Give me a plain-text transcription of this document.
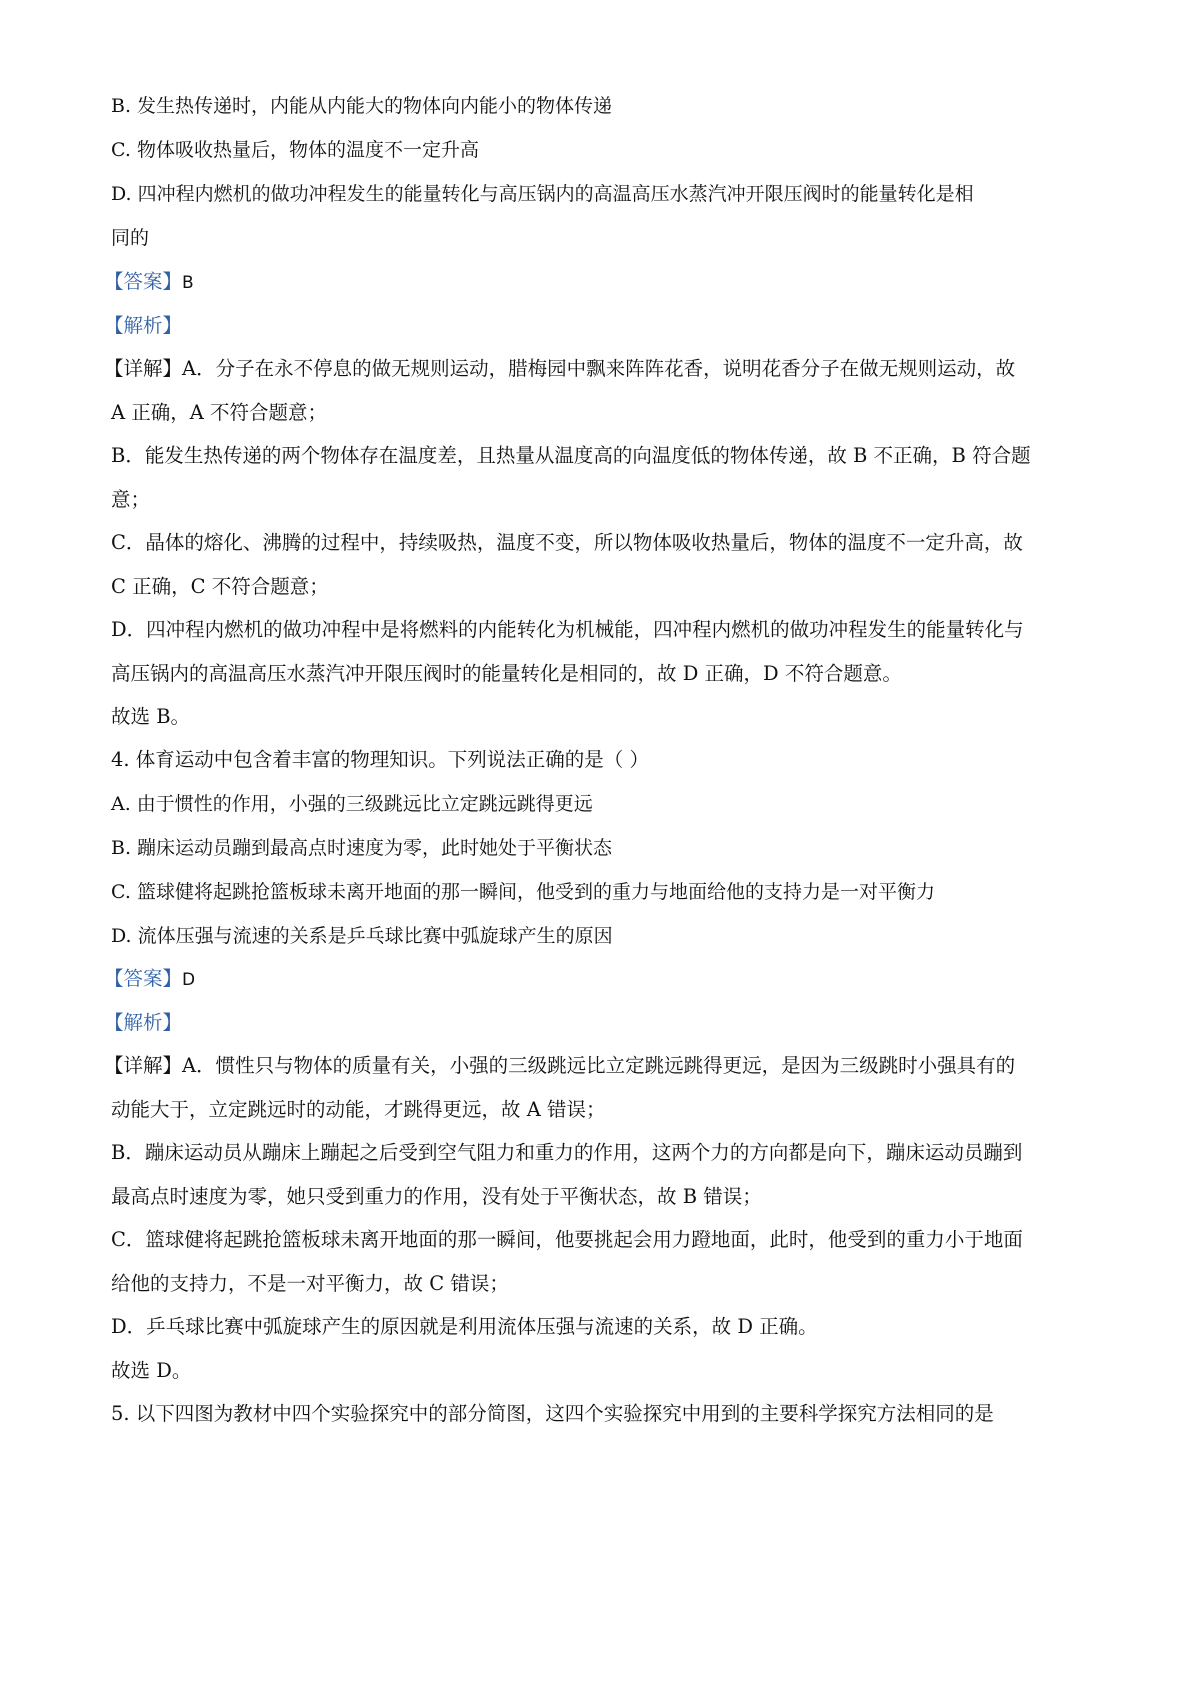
B. 发生热传递时，内能从内能大的物体向内能小的物体传递
C. 物体吸收热量后，物体的温度不一定升高
D. 四冲程内燃机的做功冲程发生的能量转化与高压锅内的高温高压水蒸汽冲开限压阀时的能量转化是相
同的
【答案】B
【解析】
【详解】A．分子在永不停息的做无规则运动，腊梅园中飘来阵阵花香，说明花香分子在做无规则运动，故
A 正确，A 不符合题意；
B．能发生热传递的两个物体存在温度差，且热量从温度高的向温度低的物体传递，故 B 不正确，B 符合题
意；
C．晶体的熔化、沸腾的过程中，持续吸热，温度不变，所以物体吸收热量后，物体的温度不一定升高，故
C 正确，C 不符合题意；
D．四冲程内燃机的做功冲程中是将燃料的内能转化为机械能，四冲程内燃机的做功冲程发生的能量转化与
高压锅内的高温高压水蒸汽冲开限压阀时的能量转化是相同的，故 D 正确，D 不符合题意。
故选 B。
4. 体育运动中包含着丰富的物理知识。下列说法正确的是（ ）
A. 由于惯性的作用，小强的三级跳远比立定跳远跳得更远
B. 蹦床运动员蹦到最高点时速度为零，此时她处于平衡状态
C. 篮球健将起跳抢篮板球未离开地面的那一瞬间，他受到的重力与地面给他的支持力是一对平衡力
D. 流体压强与流速的关系是乒乓球比赛中弧旋球产生的原因
【答案】D
【解析】
【详解】A．惯性只与物体的质量有关，小强的三级跳远比立定跳远跳得更远，是因为三级跳时小强具有的
动能大于，立定跳远时的动能，才跳得更远，故 A 错误；
B．蹦床运动员从蹦床上蹦起之后受到空气阻力和重力的作用，这两个力的方向都是向下，蹦床运动员蹦到
最高点时速度为零，她只受到重力的作用，没有处于平衡状态，故 B 错误；
C．篮球健将起跳抢篮板球未离开地面的那一瞬间，他要挑起会用力蹬地面，此时，他受到的重力小于地面
给他的支持力，不是一对平衡力，故 C 错误；
D．乒乓球比赛中弧旋球产生的原因就是利用流体压强与流速的关系，故 D 正确。
故选 D。
5. 以下四图为教材中四个实验探究中的部分简图，这四个实验探究中用到的主要科学探究方法相同的是
